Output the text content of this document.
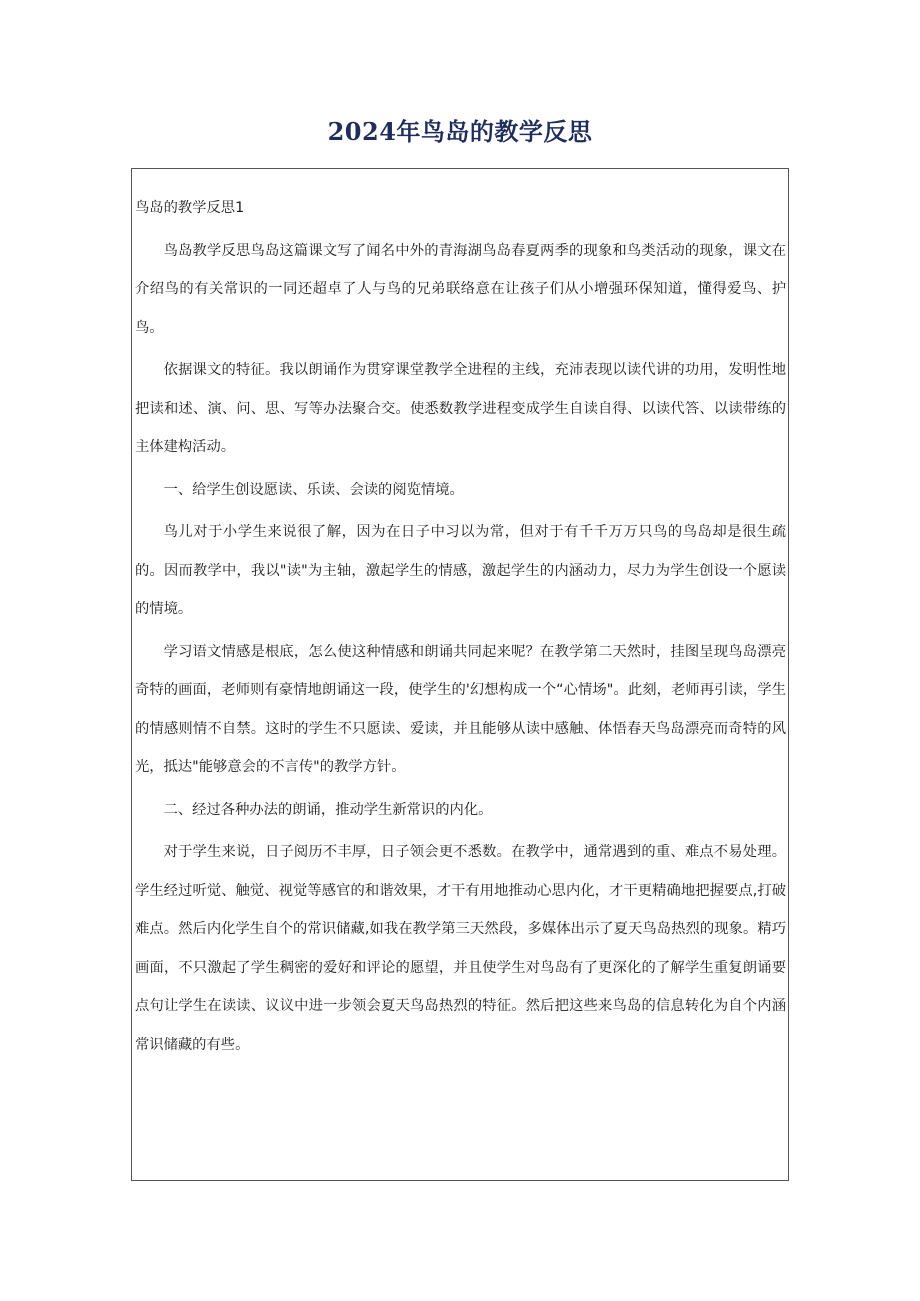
2024年鸟岛的教学反思

鸟岛的教学反思1

鸟岛教学反思鸟岛这篇课文写了闻名中外的青海湖鸟岛春夏两季的现象和鸟类活动的现象，课文在介绍鸟的有关常识的一同还超卓了人与鸟的兄弟联络意在让孩子们从小增强环保知道，懂得爱鸟、护鸟。

依据课文的特征。我以朗诵作为贯穿课堂教学全进程的主线，充沛表现以读代讲的功用，发明性地把读和述、演、问、思、写等办法聚合交。使悉数教学进程变成学生自读自得、以读代答、以读带练的主体建构活动。

一、给学生创设愿读、乐读、会读的阅览情境。

鸟儿对于小学生来说很了解，因为在日子中习以为常，但对于有千千万万只鸟的鸟岛却是很生疏的。因而教学中，我以"读"为主轴，激起学生的情感，激起学生的内涵动力，尽力为学生创设一个愿读的情境。

学习语文情感是根底，怎么使这种情感和朗诵共同起来呢？在教学第二天然时，挂图呈现鸟岛漂亮奇特的画面，老师则有豪情地朗诵这一段，使学生的'幻想构成一个“心情场"。此刻，老师再引读，学生的情感则情不自禁。这时的学生不只愿读、爱读，并且能够从读中感触、体悟春天鸟岛漂亮而奇特的风光，抵达"能够意会的不言传"的教学方针。

二、经过各种办法的朗诵，推动学生新常识的内化。

对于学生来说，日子阅历不丰厚，日子领会更不悉数。在教学中，通常遇到的重、难点不易处理。学生经过听觉、触觉、视觉等感官的和谐效果，才干有用地推动心思内化，才干更精确地把握要点,打破难点。然后内化学生自个的常识储藏,如我在教学第三天然段，多媒体出示了夏天鸟岛热烈的现象。精巧画面，不只激起了学生稠密的爱好和评论的愿望，并且使学生对鸟岛有了更深化的了解学生重复朗诵要点句让学生在读读、议议中进一步领会夏天鸟岛热烈的特征。然后把这些来鸟岛的信息转化为自个内涵常识储藏的有些。
